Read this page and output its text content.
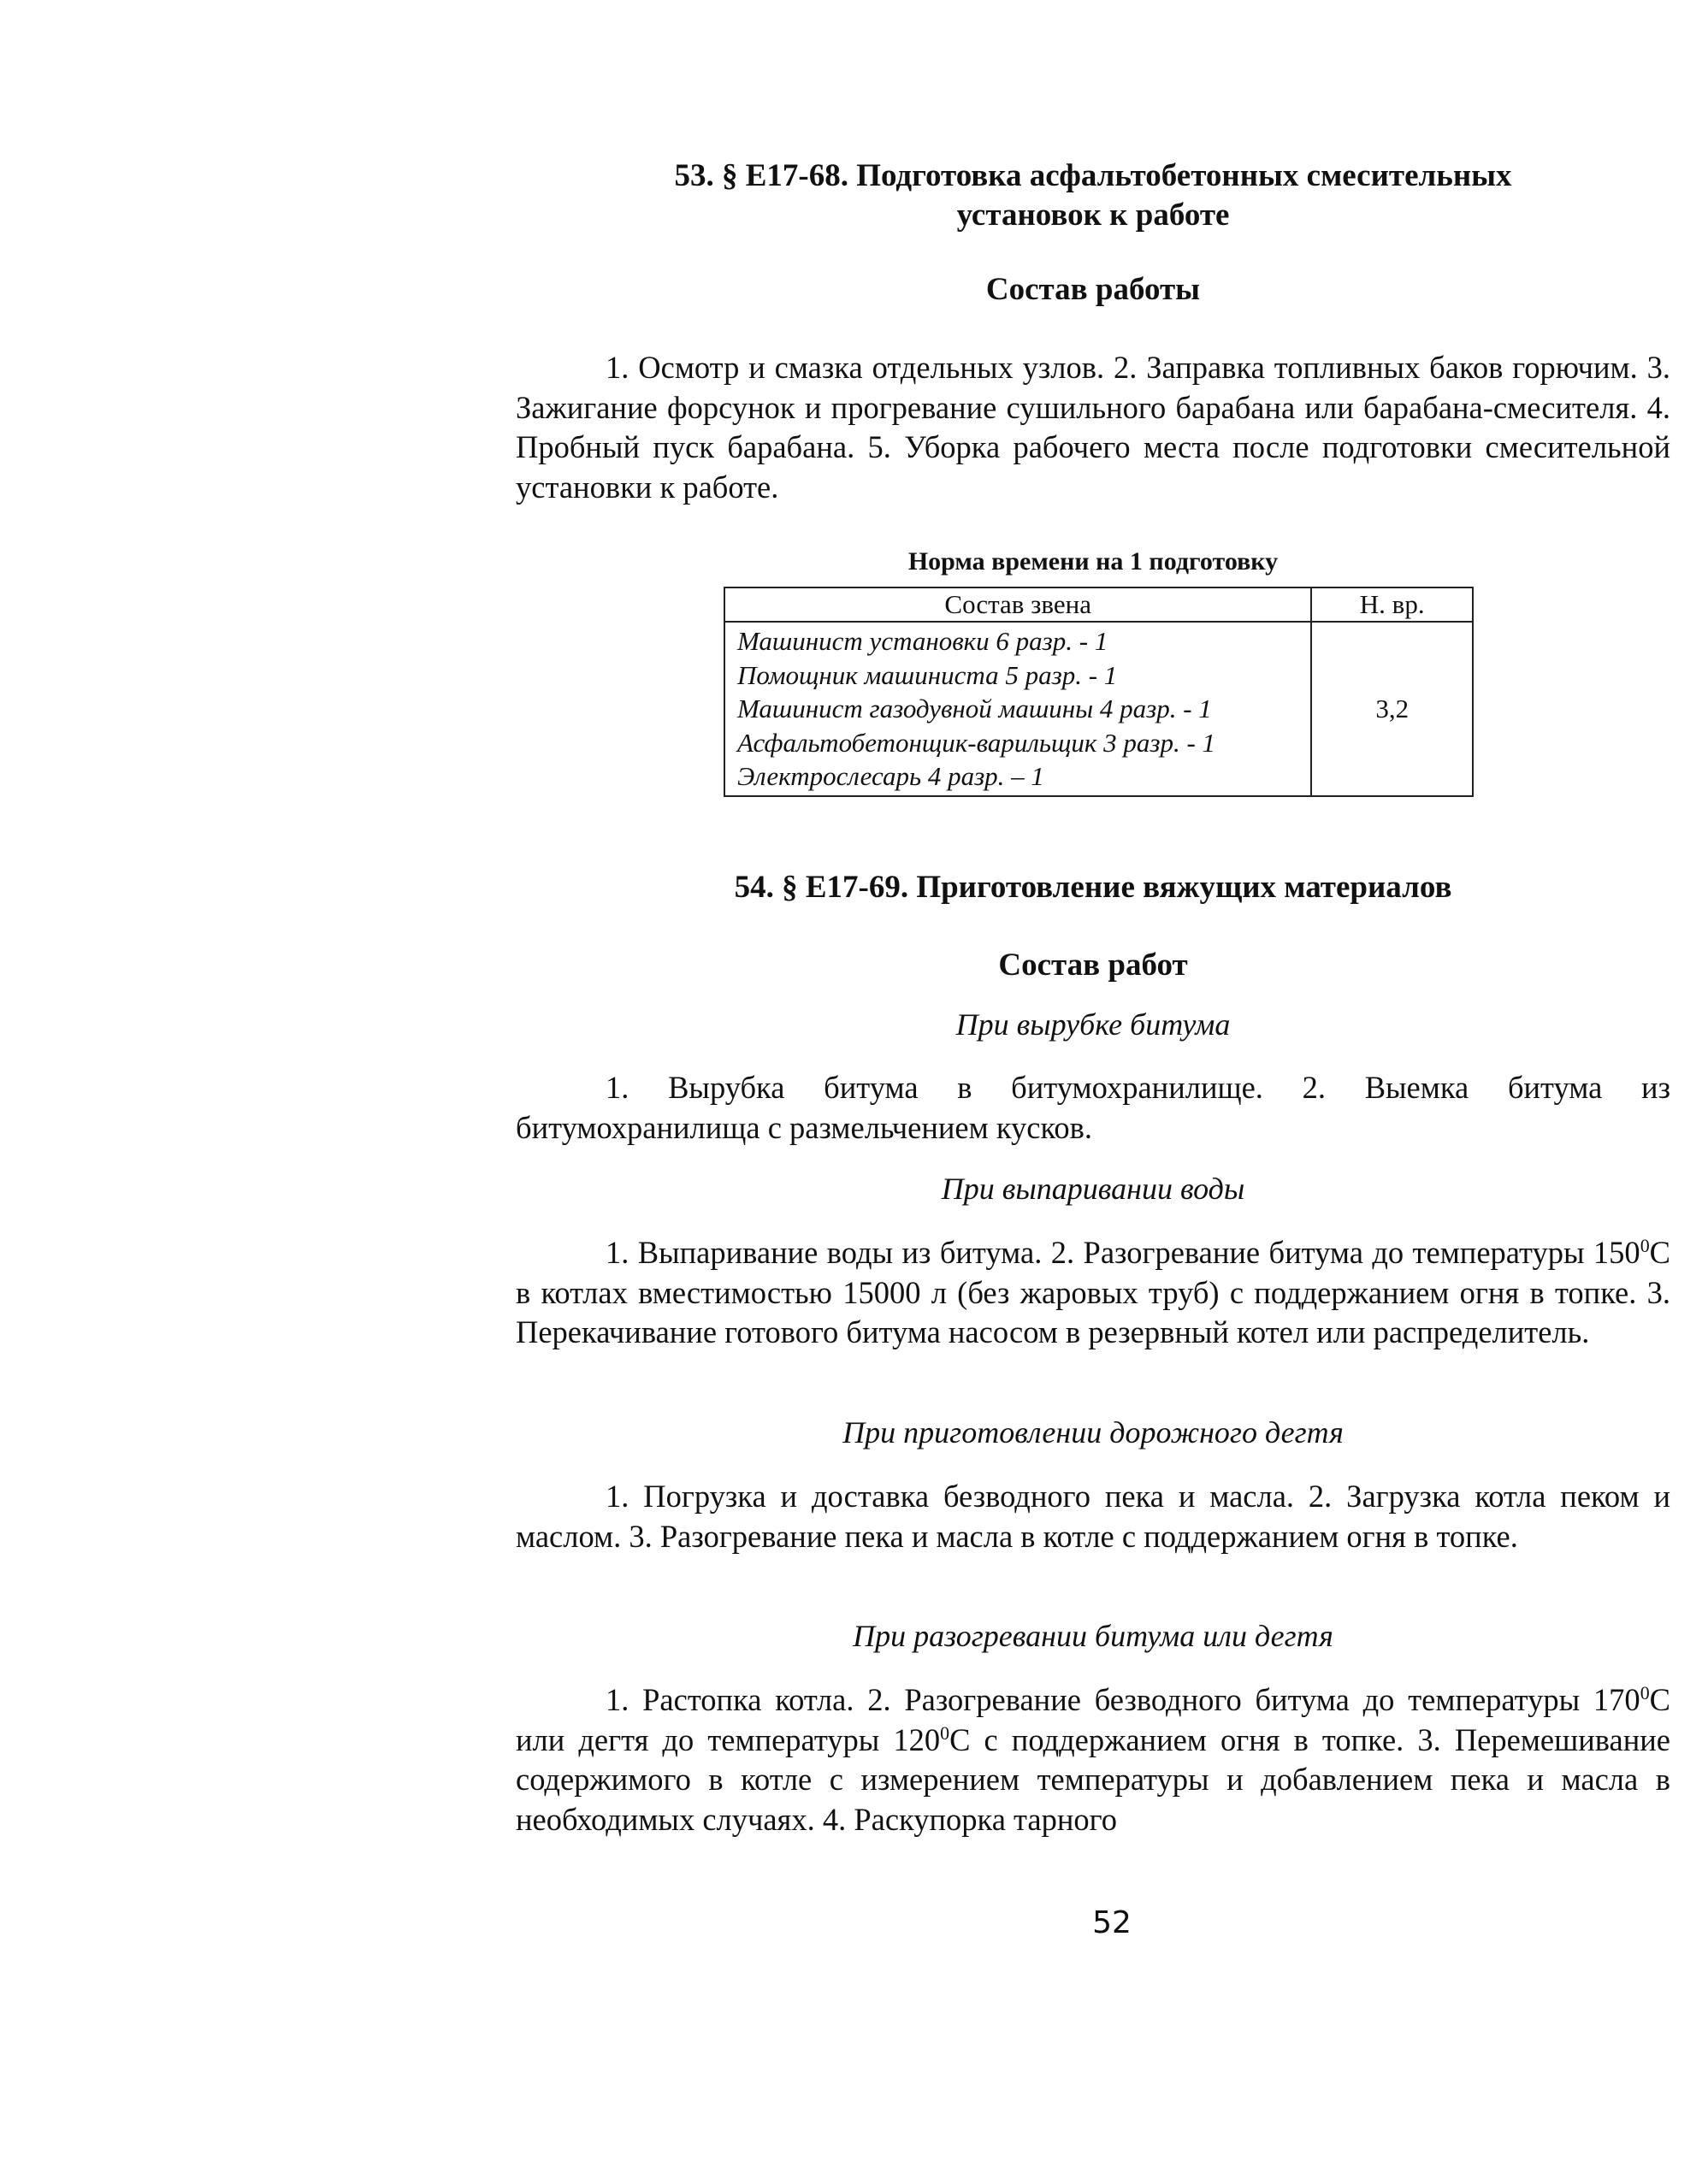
53. § Е17-68. Подготовка асфальтобетонных смесительных
установок к работе
Состав работы

1. Осмотр и смазка отдельных узлов. 2. Заправка топливных баков горючим. 3. Зажигание форсунок и прогревание сушильного барабана или барабана-смесителя. 4. Пробный пуск барабана. 5. Уборка рабочего места после подготовки смесительной установки к работе.

Норма времени на 1 подготовку
Состав звена	Н. вр.

Машинист установки 6 разр. - 1
Помощник машиниста 5 разр. - 1
Машинист газодувной машины 4 разр. - 1
Асфальтобетонщик-варильщик 3 разр. - 1
Электрослесарь 4 разр. – 1	3,2
54. § Е17-69. Приготовление вяжущих материалов
Состав работ
При вырубке битума

1. Вырубка битума в битумохранилище. 2. Выемка битума из битумохранилища с размельчением кусков.

При выпаривании воды

1. Выпаривание воды из битума. 2. Разогревание битума до температуры $150^0С$ в котлах вместимостью 15000 л (без жаровых труб) с поддержанием огня в топке. 3. Перекачивание готового битума насосом в резервный котел или распределитель.

При приготовлении дорожного дегтя

1. Погрузка и доставка безводного пека и масла. 2. Загрузка котла пеком и маслом. 3. Разогревание пека и масла в котле с поддержанием огня в топке.

При разогревании битума или дегтя

1. Растопка котла. 2. Разогревание безводного битума до температуры $170^0С$ или дегтя до температуры $120^0С$ с поддержанием огня в топке. 3. Перемешивание содержимого в котле с измерением температуры и добавлением пека и масла в необходимых случаях. 4. Раскупорка тарного

52
